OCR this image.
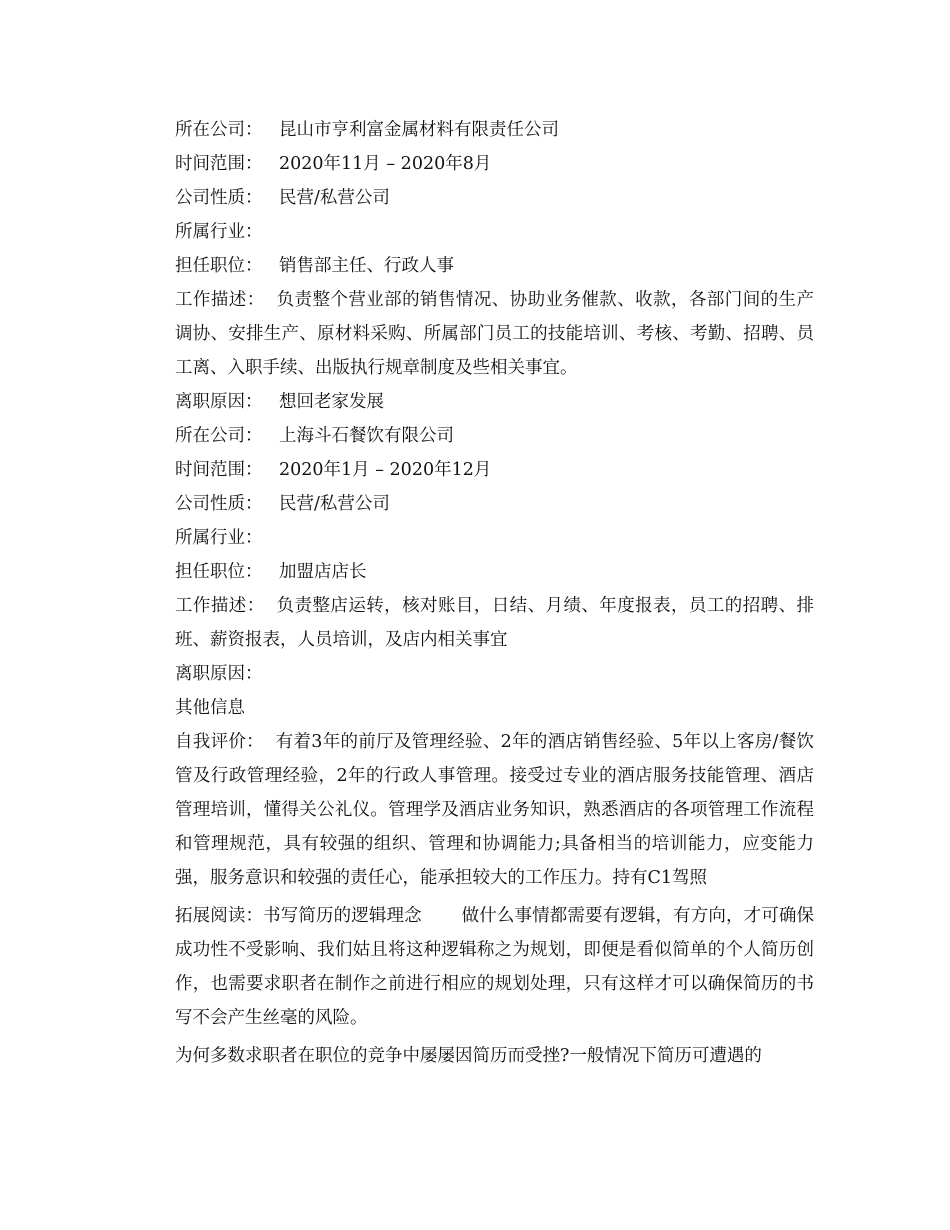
所在公司： 昆山市亨利富金属材料有限责任公司
时间范围： 2020年11月 – 2020年8月
公司性质： 民营/私营公司
所属行业：
担任职位： 销售部主任、行政人事

工作描述： 负责整个营业部的销售情况、协助业务催款、收款，各部门间的生产调协、安排生产、原材料采购、所属部门员工的技能培训、考核、考勤、招聘、员工离、入职手续、出版执行规章制度及些相关事宜。

离职原因： 想回老家发展
所在公司： 上海斗石餐饮有限公司
时间范围： 2020年1月 – 2020年12月
公司性质： 民营/私营公司
所属行业：
担任职位： 加盟店店长

工作描述： 负责整店运转，核对账目，日结、月绩、年度报表，员工的招聘、排班、薪资报表，人员培训，及店内相关事宜

离职原因：
其他信息

自我评价： 有着3年的前厅及管理经验、2年的酒店销售经验、5年以上客房/餐饮管及行政管理经验，2年的行政人事管理。接受过专业的酒店服务技能管理、酒店管理培训，懂得关公礼仪。管理学及酒店业务知识，熟悉酒店的各项管理工作流程和管理规范，具有较强的组织、管理和协调能力;具备相当的培训能力，应变能力强，服务意识和较强的责任心，能承担较大的工作压力。持有C1驾照

拓展阅读：书写简历的逻辑理念 做什么事情都需要有逻辑，有方向，才可确保成功性不受影响、我们姑且将这种逻辑称之为规划，即便是看似简单的个人简历创作，也需要求职者在制作之前进行相应的规划处理，只有这样才可以确保简历的书写不会产生丝毫的风险。

为何多数求职者在职位的竞争中屡屡因简历而受挫?一般情况下简历可遭遇的
